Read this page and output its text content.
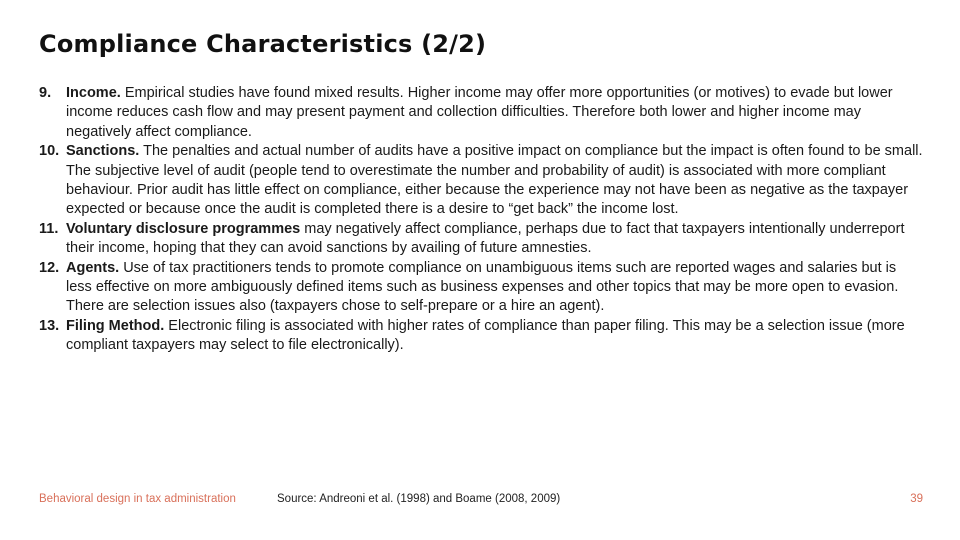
Compliance Characteristics (2/2)
9. Income. Empirical studies have found mixed results. Higher income may offer more opportunities (or motives) to evade but lower income reduces cash flow and may present payment and collection difficulties. Therefore both lower and higher income may negatively affect compliance.
10. Sanctions. The penalties and actual number of audits have a positive impact on compliance but the impact is often found to be small. The subjective level of audit (people tend to overestimate the number and probability of audit) is associated with more compliant behaviour. Prior audit has little effect on compliance, either because the experience may not have been as negative as the taxpayer expected or because once the audit is completed there is a desire to “get back” the income lost.
11. Voluntary disclosure programmes may negatively affect compliance, perhaps due to fact that taxpayers intentionally underreport their income, hoping that they can avoid sanctions by availing of future amnesties.
12. Agents. Use of tax practitioners tends to promote compliance on unambiguous items such are reported wages and salaries but is less effective on more ambiguously defined items such as business expenses and other topics that may be more open to evasion. There are selection issues also (taxpayers chose to self-prepare or a hire an agent).
13. Filing Method. Electronic filing is associated with higher rates of compliance than paper filing. This may be a selection issue (more compliant taxpayers may select to file electronically).
Behavioral design in tax administration	Source: Andreoni et al. (1998) and Boame (2008, 2009)	39
